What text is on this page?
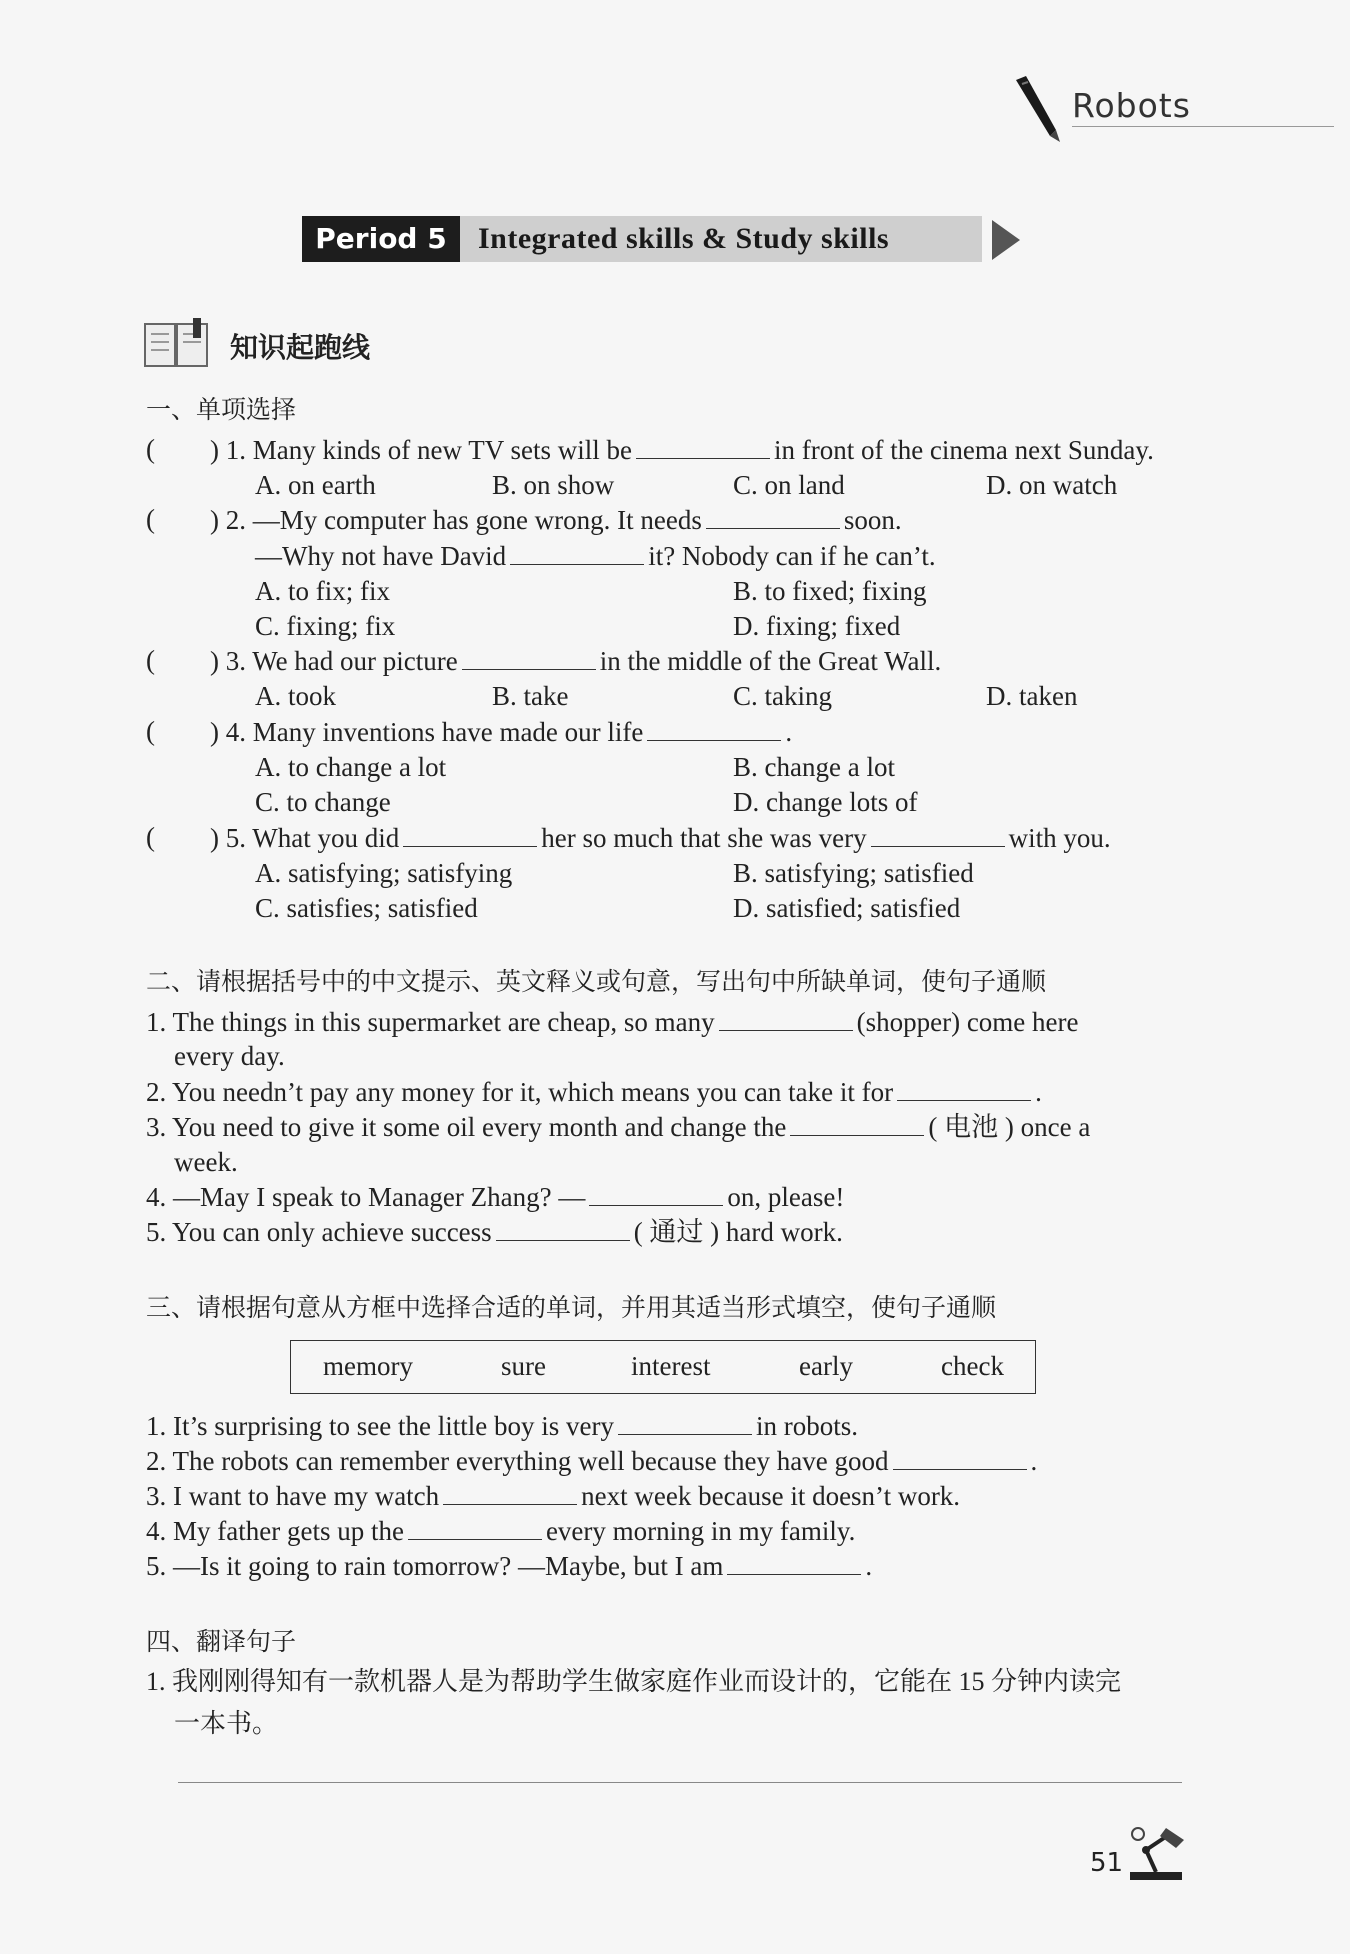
Robots
Period 5	Integrated skills & Study skills
知识起跑线
一、单项选择
( ) 1. Many kinds of new TV sets will be	in front of the cinema next Sunday.
A. on earth	B. on show	C. on land	D. on watch
( ) 2. —My computer has gone wrong. It needs	soon.
—Why not have David	it? Nobody can if he can’t.
A. to fix; fix	B. to fixed; fixing
C. fixing; fix	D. fixing; fixed
( ) 3. We had our picture	in the middle of the Great Wall.
A. took	B. take	C. taking	D. taken
( ) 4. Many inventions have made our life	.
A. to change a lot	B. change a lot
C. to change	D. change lots of
( ) 5. What you did	her so much that she was very	with you.
A. satisfying; satisfying	B. satisfying; satisfied
C. satisfies; satisfied	D. satisfied; satisfied
二、请根据括号中的中文提示、英文释义或句意，写出句中所缺单词，使句子通顺
1. The things in this supermarket are cheap, so many	(shopper) come here
every day.
2. You needn’t pay any money for it, which means you can take it for	.
3. You need to give it some oil every month and change the	( 电池 ) once a
week.
4. —May I speak to Manager Zhang? —	on, please!
5. You can only achieve success	( 通过 ) hard work.
三、请根据句意从方框中选择合适的单词，并用其适当形式填空，使句子通顺
memory	sure	interest	early	check
1. It’s surprising to see the little boy is very	in robots.
2. The robots can remember everything well because they have good	.
3. I want to have my watch	next week because it doesn’t work.
4. My father gets up the	every morning in my family.
5. —Is it going to rain tomorrow? —Maybe, but I am	.
四、翻译句子
1. 我刚刚得知有一款机器人是为帮助学生做家庭作业而设计的，它能在 15 分钟内读完
一本书。
51
